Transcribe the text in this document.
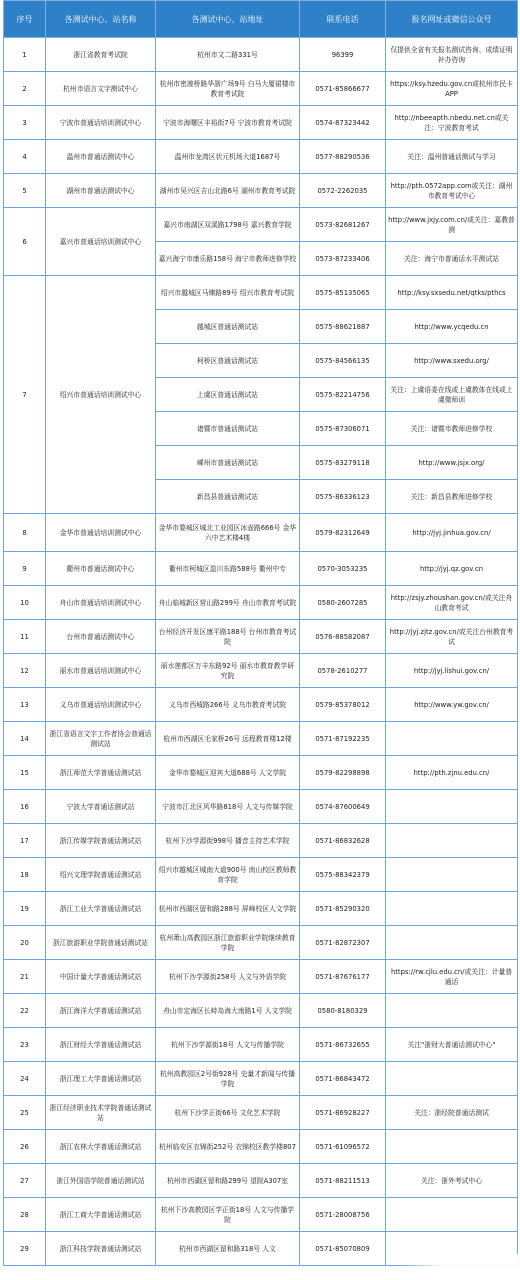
序号	各测试中心、站名称	各测试中心、站地址	联系电话	报名网址或微信公众号
1	浙江省教育考试院	杭州市文二路331号	96399	仅提供全省有关报名测试咨询、成绩证明补办咨询
2	杭州市语言文字测试中心	杭州市密渡桥路华浙广场9号 白马大厦裙楼市教育考试院	0571-85866677	https://ksy.hzedu.gov.cn或杭州市民卡APP
3	宁波市普通话培训测试中心	宁波市海曙区丰裕街7号 宁波市教育考试院	0574-87323442	http://nbeeapth.nbedu.net.cn或关注：宁波教育考试
4	温州市普通话测试中心	温州市龙湾区状元机场大道1687号	0577-88290536	关注：温州普通话测试与学习
5	湖州市普通话测试中心	湖州市吴兴区吉山北路6号 湖州市教育考试院	0572-2262035	http://pth.0572app.com或关注：湖州市教育考试中心
6	嘉兴市普通话培训测试中心	嘉兴市南湖区双溪路1798号 嘉兴教育学院	0573-82681267	http://www.jxjy.com.cn/或关注：嘉教普测
		嘉兴海宁市康乐路158号 海宁市教师进修学校	0573-87233406	关注：海宁市普通话水平测试站
7	绍兴市普通话培训测试中心	绍兴市越城区马臻路89号 绍兴市教育考试院	0575-85135065	http://ksy.sxsedu.net/qtks/pthcs
		越城区普通话测试站	0575-88621887	http://www.ycqedu.cn
		柯桥区普通话测试站	0575-84566135	http://www.sxedu.org/
		上虞区普通话测试站	0575-82214756	关注：上虞语委在线或上虞教体在线或上虞微师训
		诸暨市普通话测试站	0575-87306071	关注：诸暨市教师进修学校
		嵊州市普通话测试站	0575-83279118	http://www.jsjx.org/
		新昌县普通话测试站	0575-86336123	关注：新昌县教师进修学校
8	金华市普通话培训测试中心	金华市婺城区城北工业园区冰壶路666号 金华六中艺术楼4楼	0579-82312649	http://jyj.jinhua.gov.cn/
9	衢州市普通话测试中心	衢州市柯城区盈川东路588号 衢州中专	0570-3053235	http://jyj.qz.gov.cn
10	舟山市普通话培训测试中心	舟山临城新区营山路299号 舟山市教育考试院	0580-2607285	http://zsjy.zhoushan.gov.cn/或关注舟山教育考试
11	台州市普通话测试中心	台州经济开发区康平路188号 台州市教育考试院	0576-88582087	http://jyj.zjtz.gov.cn/或关注台州教育考试
12	丽水市普通话培训测试中心	丽水莲都区万丰东路92号 丽水市教育教学研究院	0578-2610277	http://jyj.lishui.gov.cn/
13	义乌市普通话培训测试中心	义乌市西城路266号 义乌市教育考试院	0579-85378012	http://www.yw.gov.cn/
14	浙江省语言文字工作者协会普通话测试站	杭州市西湖区毛家桥26号 远程教育楼12楼	0571-87192235	
15	浙江师范大学普通话测试站	金华市婺城区迎宾大道688号 人文学院	0579-82298898	http://pth.zjnu.edu.cn/
16	宁波大学普通话测试站	宁波市江北区风华路818号 人文与传媒学院	0574-87600649	
17	浙江传媒学院普通话测试站	杭州下沙学源街998号 播音主持艺术学院	0571-86832628	
18	绍兴文理学院普通话测试站	绍兴市越城区城南大道900号 南山校区教师教育学院	0575-88342379	
19	浙江工业大学普通话测试站	杭州市西湖区留和路288号 屏峰校区人文学院	0571-85290320	
20	浙江旅游职业学院普通话测试站	杭州萧山高教园区浙江旅游职业学院继续教育学院	0571-82872307	
21	中国计量大学普通话测试站	杭州下沙学源街258号 人文与外语学院	0571-87676177	https://rw.cjlu.edu.cn/或关注：计量普通话
22	浙江海洋大学普通话测试站	舟山市定海区长峙岛海大南路1号 人文学院	0580-8180329	
23	浙江财经大学普通话测试站	杭州下沙学源街18号 人文与传播学院	0571-86732655	关注"浙财大普通话测试中心"
24	浙江理工大学普通话测试站	杭州高教园区2号街928号 史量才新闻与传播学院	0571-86843472	
25	浙江经济职业技术学院普通话测试站	杭州下沙学正街66号 文化艺术学院	0571-86928227	关注：浙经院普通话测试
26	浙江农林大学普通话测试站	杭州临安区衣锦街252号 衣锦校区教学楼807	0571-61096572	
27	浙江外国语学院普通话测试站	杭州市西湖区留和路299号 望院A307室	0571-88211513	关注：浙外考试中心
28	浙江工商大学普通话测试站	杭州下沙高教园区学正街18号 人文与传播学院	0571-28008756	
29	浙江科技学院普通话测试站	杭州市西湖区留和路318号 人文	0571-85070809	
